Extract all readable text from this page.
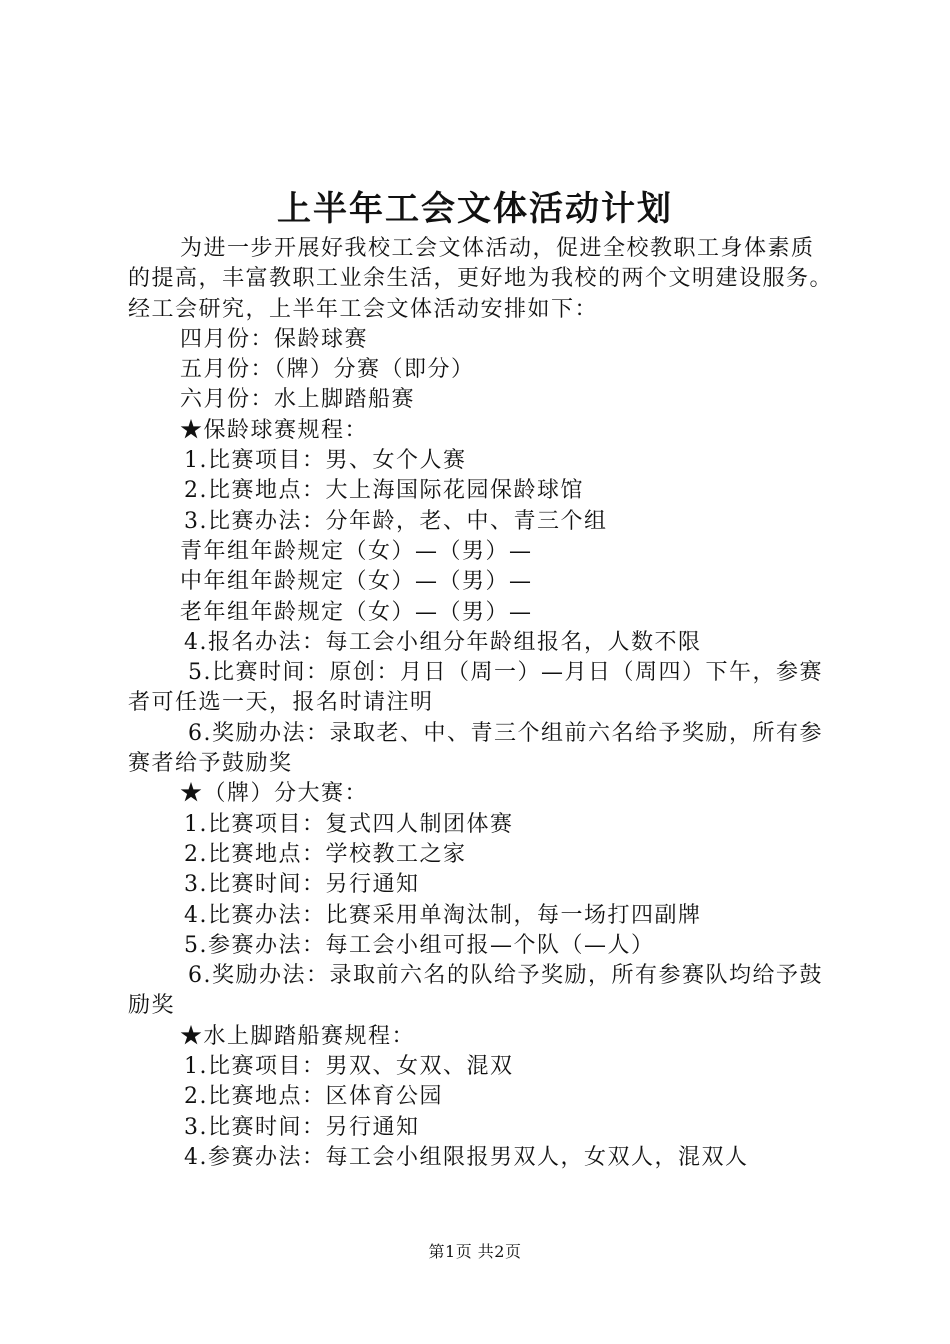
上半年工会文体活动计划

为进一步开展好我校工会文体活动，促进全校教职工身体素质的提高，丰富教职工业余生活，更好地为我校的两个文明建设服务。经工会研究，上半年工会文体活动安排如下：

四月份：保龄球赛

五月份：（牌）分赛（即分）

六月份：水上脚踏船赛

★保龄球赛规程：

1.比赛项目：男、女个人赛

2.比赛地点：大上海国际花园保龄球馆

3.比赛办法：分年龄，老、中、青三个组

青年组年龄规定（女）—（男）—

中年组年龄规定（女）—（男）—

老年组年龄规定（女）—（男）—

4.报名办法：每工会小组分年龄组报名，人数不限

5.比赛时间：原创：月日（周一）—月日（周四）下午，参赛者可任选一天，报名时请注明

6.奖励办法：录取老、中、青三个组前六名给予奖励，所有参赛者给予鼓励奖

★（牌）分大赛：

1.比赛项目：复式四人制团体赛

2.比赛地点：学校教工之家

3.比赛时间：另行通知

4.比赛办法：比赛采用单淘汰制，每一场打四副牌

5.参赛办法：每工会小组可报—个队（—人）

6.奖励办法：录取前六名的队给予奖励，所有参赛队均给予鼓励奖

★水上脚踏船赛规程：

1.比赛项目：男双、女双、混双

2.比赛地点：区体育公园

3.比赛时间：另行通知

4.参赛办法：每工会小组限报男双人，女双人，混双人

第1页 共2页
